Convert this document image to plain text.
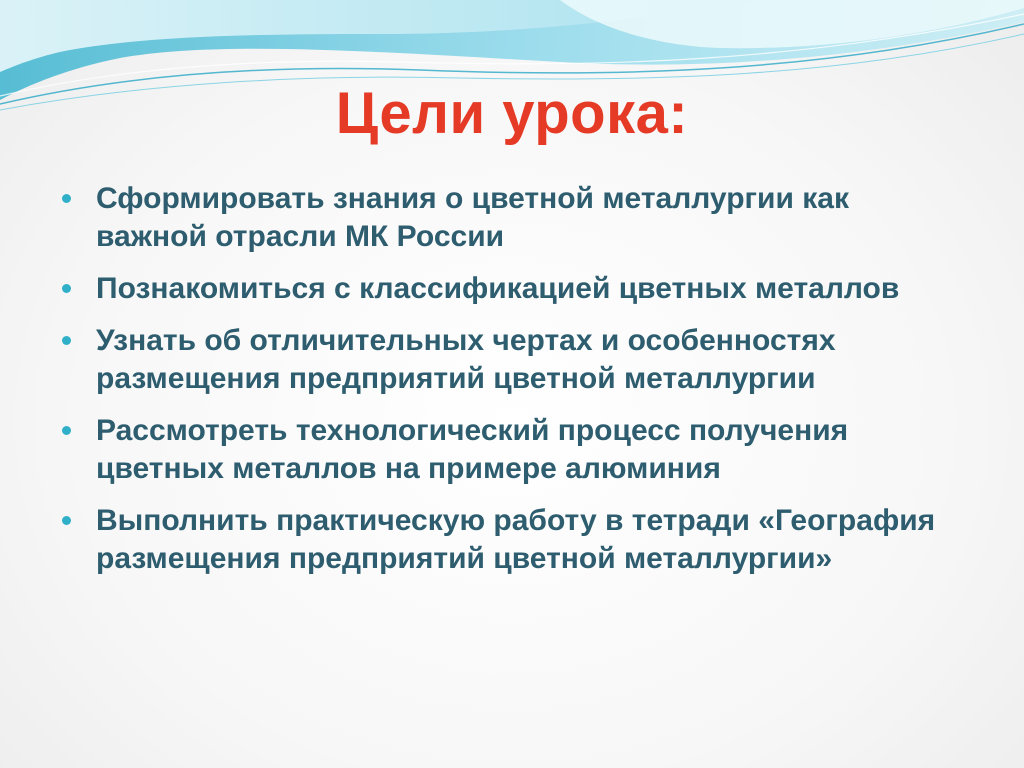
Цели урока:
Сформировать знания о цветной металлургии как важной отрасли МК России
Познакомиться с классификацией цветных металлов
Узнать об отличительных чертах и особенностях размещения предприятий цветной металлургии
Рассмотреть технологический процесс получения цветных металлов на примере алюминия
Выполнить практическую работу в тетради «География размещения предприятий цветной металлургии»
